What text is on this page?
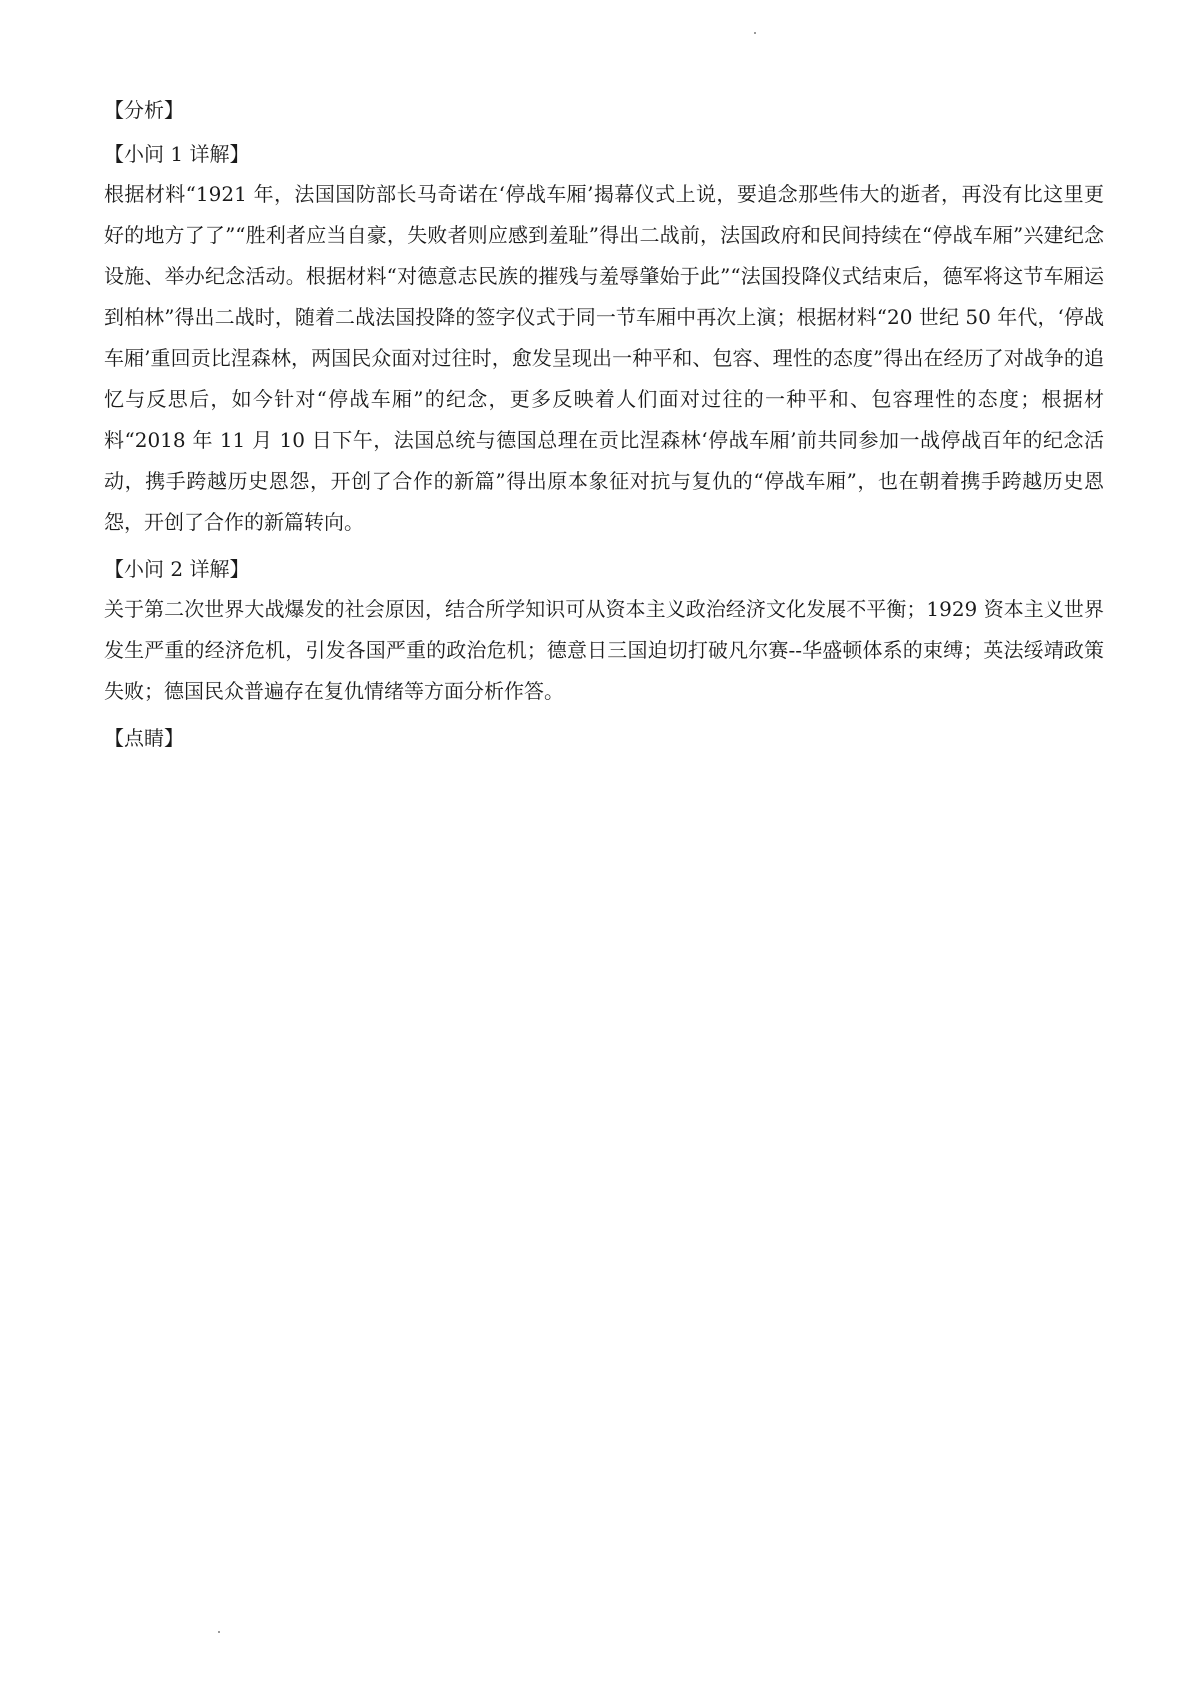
【分析】
【小问 1 详解】

根据材料“1921 年，法国国防部长马奇诺在‘停战车厢’揭幕仪式上说，要追念那些伟大的逝者，再没有比这里更好的地方了了”“胜利者应当自豪，失败者则应感到羞耻”得出二战前，法国政府和民间持续在“停战车厢”兴建纪念设施、举办纪念活动。根据材料“对德意志民族的摧残与羞辱肇始于此”“法国投降仪式结束后，德军将这节车厢运到柏林”得出二战时，随着二战法国投降的签字仪式于同一节车厢中再次上演；根据材料“20 世纪 50 年代，‘停战车厢’重回贡比涅森林，两国民众面对过往时，愈发呈现出一种平和、包容、理性的态度”得出在经历了对战争的追忆与反思后，如今针对“停战车厢”的纪念，更多反映着人们面对过往的一种平和、包容理性的态度；根据材料“2018 年 11 月 10 日下午，法国总统与德国总理在贡比涅森林‘停战车厢’前共同参加一战停战百年的纪念活动，携手跨越历史恩怨，开创了合作的新篇”得出原本象征对抗与复仇的“停战车厢”，也在朝着携手跨越历史恩怨，开创了合作的新篇转向。

【小问 2 详解】

关于第二次世界大战爆发的社会原因，结合所学知识可从资本主义政治经济文化发展不平衡；1929 资本主义世界发生严重的经济危机，引发各国严重的政治危机；德意日三国迫切打破凡尔赛--华盛顿体系的束缚；英法绥靖政策失败；德国民众普遍存在复仇情绪等方面分析作答。

【点睛】
